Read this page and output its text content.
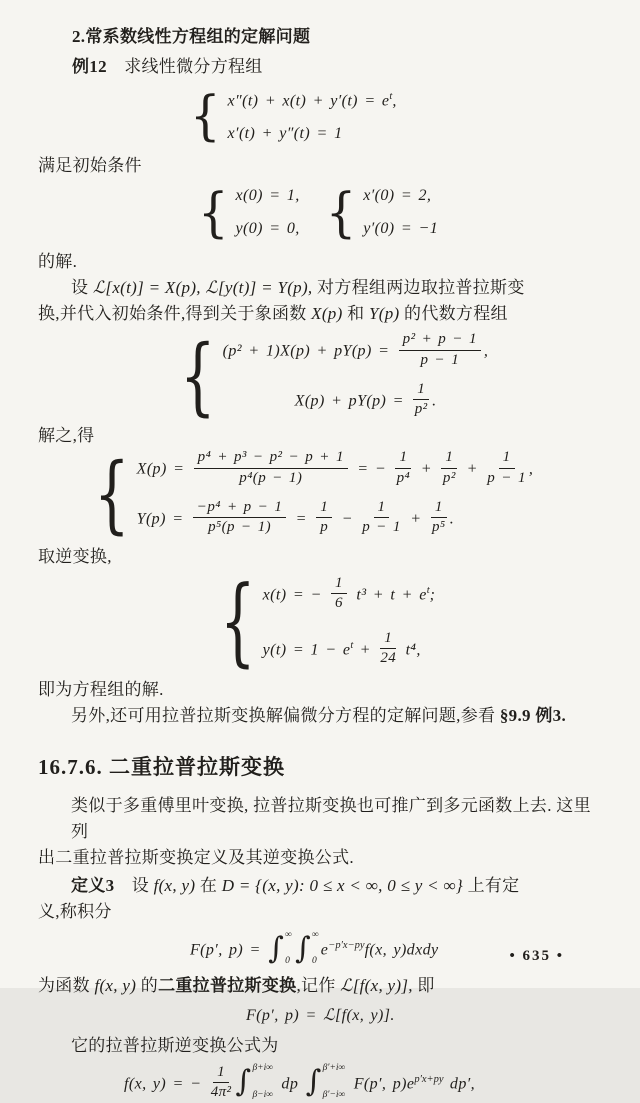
2.常系数线性方程组的定解问题
例12　求线性微分方程组
{ $x''(t) + x(t) + y'(t) = e^t$,
x′(t) + y″(t) = 1
满足初始条件
{ x(0) = 1,
y(0) = 0, { x′(0) = 2,
y′(0) = −1
的解.
设 ℒ[x(t)] = X(p), ℒ[y(t)] = Y(p), 对方程组两边取拉普拉斯变
换,并代入初始条件,得到关于象函数 X(p) 和 Y(p) 的代数方程组
{ $(p^2 + 1)X(p) + pY(p) = \frac{\text{p² + p − 1}}{p - 1}$ ,
$X(p) + pY(p) = \frac{1}{\text{p²}}$ .
解之,得
{ $X(p) = \frac{\text{p⁴ + p³ − p² − p + 1}}{\text{p⁴(p − 1)}}$ = − $\frac{1}{\text{p⁴}} + \frac{1}{\text{p²}} + \frac{1}{p - 1}$ ,
$Y(p) = \frac{\text{−p⁴ + p − 1}}{\text{p⁵(p − 1)}} = \frac{1}{p} - \frac{1}{p - 1} + \frac{1}{\text{p⁵}}$ .
取逆变换,
{ x(t) = − $\frac{1}{6} t^3 + t + e^t$;
$y(t) = 1 - e^t + \frac{1}{24} t^4$,
即为方程组的解.
另外,还可用拉普拉斯变换解偏微分方程的定解问题,参看 §9.9 例3.
16.7.6. 二重拉普拉斯变换
类似于多重傅里叶变换, 拉普拉斯变换也可推广到多元函数上去. 这里列
出二重拉普拉斯变换定义及其逆变换公式.
定义3　设 f(x, y) 在 D = {(x, y): 0 ≤ x < ∞, 0 ≤ y < ∞} 上有定
义,称积分
F(p′, p) = ∫ ∞
0 ∫ ∞
0
$e^{-p'x-py}f(x$, y)dxdy
为函数 f(x, y) 的二重拉普拉斯变换,记作 ℒ[f(x, y)], 即
F(p′, p) = ℒ[f(x, y)].
它的拉普拉斯逆变换公式为
f(x, y) = − $\frac{1}{\text{4π²}}$ ∫ β+i∞
β−i∞
dp ∫ β′+i∞
β′−i∞
F(p′, $p)e^{p'x+py}$ dp′,
• 635 •
